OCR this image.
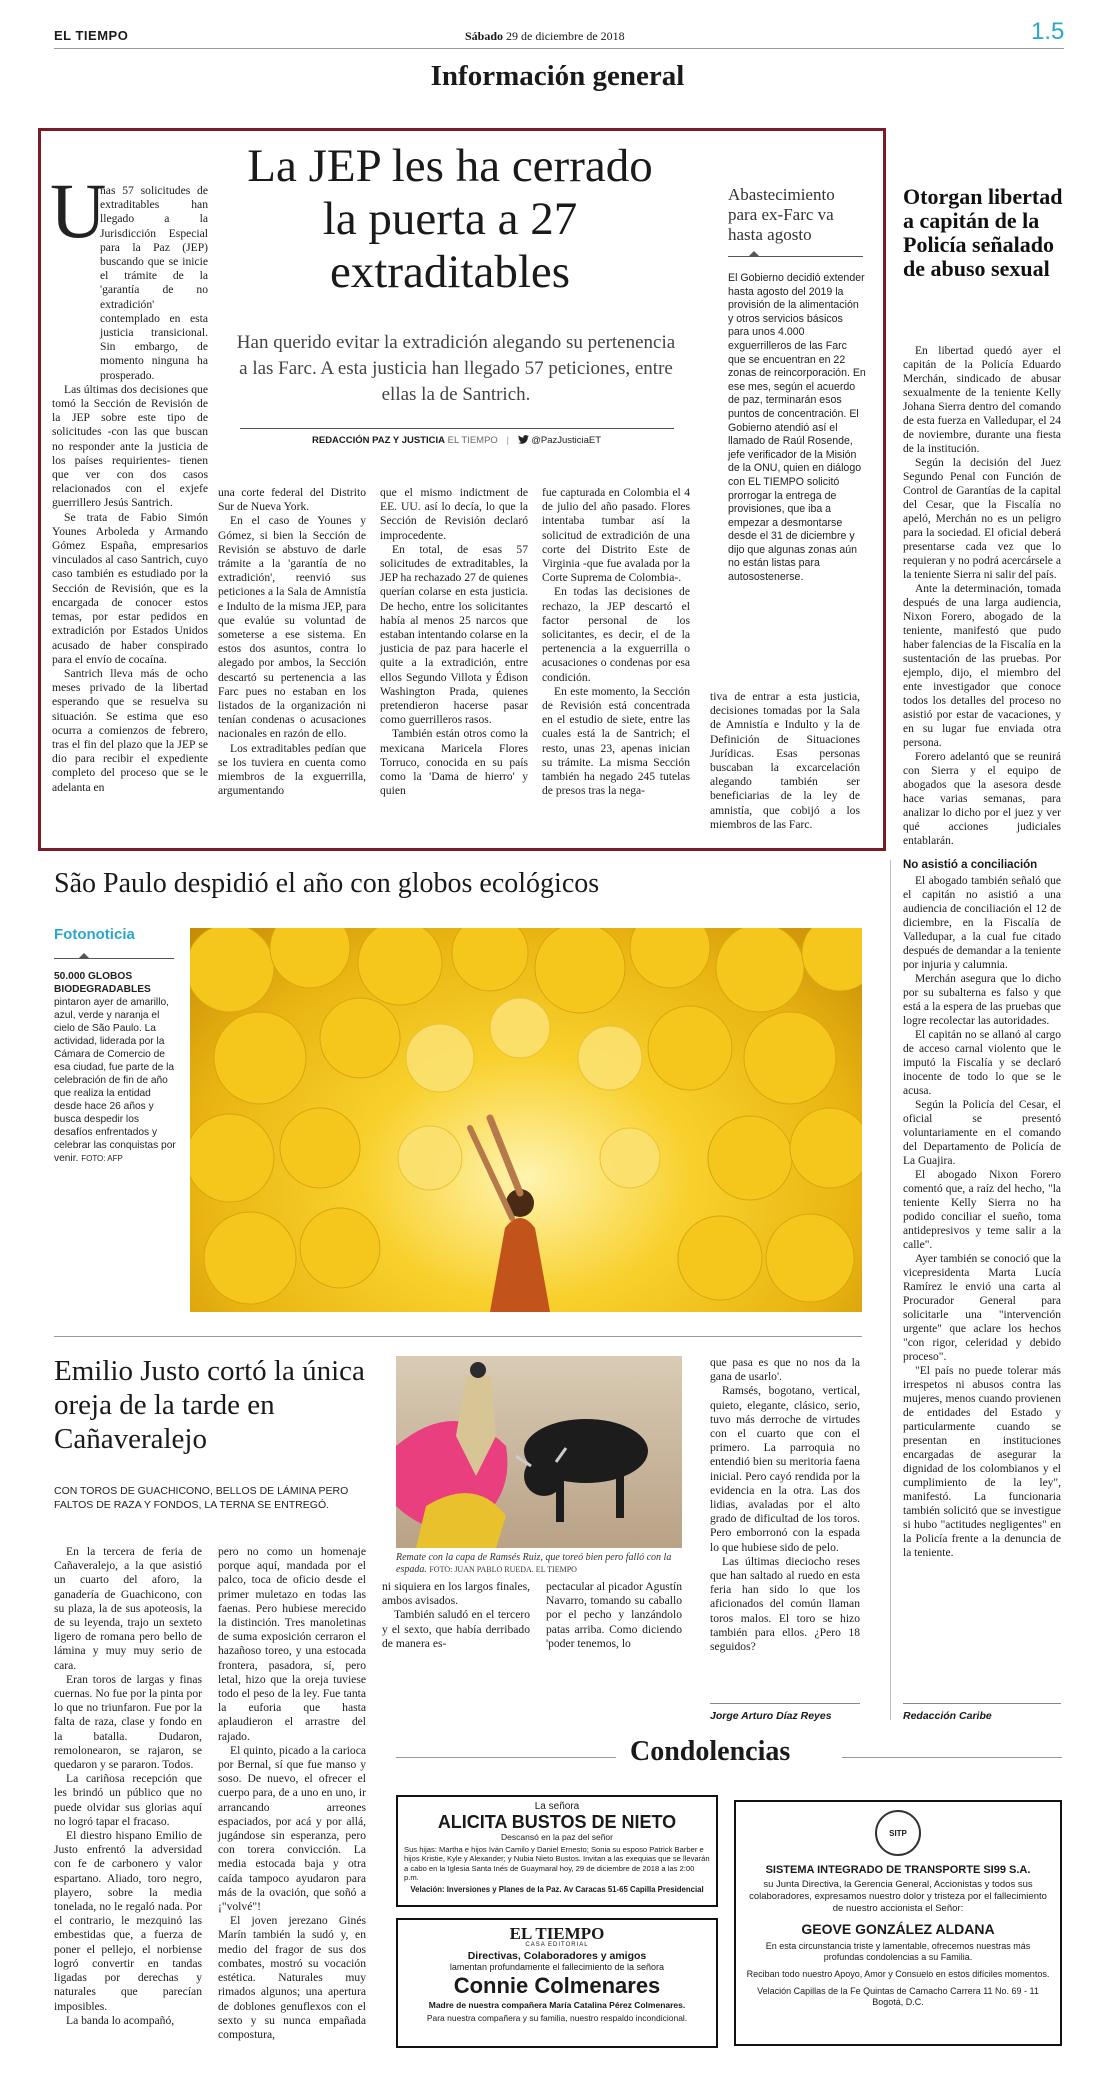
EL TIEMPO	Sábado 29 de diciembre de 2018	1.5
Información general
La JEP les ha cerrado la puerta a 27 extraditables
Han querido evitar la extradición alegando su pertenencia a las Farc. A esta justicia han llegado 57 peticiones, entre ellas la de Santrich.
REDACCIÓN PAZ Y JUSTICIA EL TIEMPO | @PazJusticiaET
U

nas 57 solicitudes de extraditables han llegado a la Jurisdicción Especial para la Paz (JEP) buscando que se inicie el trámite de la 'garantía de no extradición' contemplado en esta justicia transicional. Sin embargo, de momento ninguna ha prosperado.

Las últimas dos decisiones que tomó la Sección de Revisión de la JEP sobre este tipo de solicitudes -con las que buscan no responder ante la justicia de los países requirientes- tienen que ver con dos casos relacionados con el exjefe guerrillero Jesús Santrich.

Se trata de Fabio Simón Younes Arboleda y Armando Gómez España, empresarios vinculados al caso Santrich, cuyo caso también es estudiado por la Sección de Revisión, que es la encargada de conocer estos temas, por estar pedidos en extradición por Estados Unidos acusado de haber conspirado para el envío de cocaína.

Santrich lleva más de ocho meses privado de la libertad esperando que se resuelva su situación. Se estima que eso ocurra a comienzos de febrero, tras el fin del plazo que la JEP se dio para recibir el expediente completo del proceso que se le adelanta en

una corte federal del Distrito Sur de Nueva York.

En el caso de Younes y Gómez, si bien la Sección de Revisión se abstuvo de darle trámite a la 'garantía de no extradición', reenvió sus peticiones a la Sala de Amnistía e Indulto de la misma JEP, para que evalúe su voluntad de someterse a ese sistema. En estos dos asuntos, contra lo alegado por ambos, la Sección descartó su pertenencia a las Farc pues no estaban en los listados de la organización ni tenían condenas o acusaciones nacionales en razón de ello.

Los extraditables pedían que se los tuviera en cuenta como miembros de la exguerrilla, argumentando

que el mismo indictment de EE. UU. así lo decía, lo que la Sección de Revisión declaró improcedente.

En total, de esas 57 solicitudes de extraditables, la JEP ha rechazado 27 de quienes querían colarse en esta justicia. De hecho, entre los solicitantes había al menos 25 narcos que estaban intentando colarse en la justicia de paz para hacerle el quite a la extradición, entre ellos Segundo Villota y Édison Washington Prada, quienes pretendieron hacerse pasar como guerrilleros rasos.

También están otros como la mexicana Maricela Flores Torruco, conocida en su país como la 'Dama de hierro' y quien

fue capturada en Colombia el 4 de julio del año pasado. Flores intentaba tumbar así la solicitud de extradición de una corte del Distrito Este de Virginia -que fue avalada por la Corte Suprema de Colombia-.

En todas las decisiones de rechazo, la JEP descartó el factor personal de los solicitantes, es decir, el de la pertenencia a la exguerrilla o acusaciones o condenas por esa condición.

En este momento, la Sección de Revisión está concentrada en el estudio de siete, entre las cuales está la de Santrich; el resto, unas 23, apenas inician su trámite. La misma Sección también ha negado 245 tutelas de presos tras la nega-

tiva de entrar a esta justicia, decisiones tomadas por la Sala de Amnistía e Indulto y la de Definición de Situaciones Jurídicas. Esas personas buscaban la excarcelación alegando también ser beneficiarias de la ley de amnistía, que cobijó a los miembros de las Farc.

Abastecimiento para ex-Farc va hasta agosto
El Gobierno decidió extender hasta agosto del 2019 la provisión de la alimentación y otros servicios básicos para unos 4.000 exguerrilleros de las Farc que se encuentran en 22 zonas de reincorporación. En ese mes, según el acuerdo de paz, terminarán esos puntos de concentración. El Gobierno atendió así el llamado de Raúl Rosende, jefe verificador de la Misión de la ONU, quien en diálogo con EL TIEMPO solicitó prorrogar la entrega de provisiones, que iba a empezar a desmontarse desde el 31 de diciembre y dijo que algunas zonas aún no están listas para autosostenerse.
Otorgan libertad a capitán de la Policía señalado de abuso sexual

En libertad quedó ayer el capitán de la Policía Eduardo Merchán, sindicado de abusar sexualmente de la teniente Kelly Johana Sierra dentro del comando de esta fuerza en Valledupar, el 24 de noviembre, durante una fiesta de la institución.

Según la decisión del Juez Segundo Penal con Función de Control de Garantías de la capital del Cesar, que la Fiscalía no apeló, Merchán no es un peligro para la sociedad. El oficial deberá presentarse cada vez que lo requieran y no podrá acercársele a la teniente Sierra ni salir del país.

Ante la determinación, tomada después de una larga audiencia, Nixon Forero, abogado de la teniente, manifestó que pudo haber falencias de la Fiscalía en la sustentación de las pruebas. Por ejemplo, dijo, el miembro del ente investigador que conoce todos los detalles del proceso no asistió por estar de vacaciones, y en su lugar fue enviada otra persona.

Forero adelantó que se reunirá con Sierra y el equipo de abogados que la asesora desde hace varias semanas, para analizar lo dicho por el juez y ver qué acciones judiciales entablarán.

No asistió a conciliación

El abogado también señaló que el capitán no asistió a una audiencia de conciliación el 12 de diciembre, en la Fiscalía de Valledupar, a la cual fue citado después de demandar a la teniente por injuria y calumnia.

Merchán asegura que lo dicho por su subalterna es falso y que está a la espera de las pruebas que logre recolectar las autoridades.

El capitán no se allanó al cargo de acceso carnal violento que le imputó la Fiscalía y se declaró inocente de todo lo que se le acusa.

Según la Policía del Cesar, el oficial se presentó voluntariamente en el comando del Departamento de Policía de La Guajira.

El abogado Nixon Forero comentó que, a raíz del hecho, "la teniente Kelly Sierra no ha podido conciliar el sueño, toma antidepresivos y teme salir a la calle".

Ayer también se conoció que la vicepresidenta Marta Lucía Ramírez le envió una carta al Procurador General para solicitarle una "intervención urgente" que aclare los hechos "con rigor, celeridad y debido proceso".

"El país no puede tolerar más irrespetos ni abusos contra las mujeres, menos cuando provienen de entidades del Estado y particularmente cuando se presentan en instituciones encargadas de asegurar la dignidad de los colombianos y el cumplimiento de la ley", manifestó. La funcionaria también solicitó que se investigue si hubo "actitudes negligentes" en la Policía frente a la denuncia de la teniente.

Redacción Caribe
São Paulo despidió el año con globos ecológicos
Fotonoticia
50.000 GLOBOS BIODEGRADABLES pintaron ayer de amarillo, azul, verde y naranja el cielo de São Paulo. La actividad, liderada por la Cámara de Comercio de esa ciudad, fue parte de la celebración de fin de año que realiza la entidad desde hace 26 años y busca despedir los desafíos enfrentados y celebrar las conquistas por venir. FOTO: AFP
Emilio Justo cortó la única oreja de la tarde en Cañaveralejo
CON TOROS DE GUACHICONO, BELLOS DE LÁMINA PERO FALTOS DE RAZA Y FONDOS, LA TERNA SE ENTREGÓ.

En la tercera de feria de Cañaveralejo, a la que asistió un cuarto del aforo, la ganadería de Guachicono, con su plaza, la de sus apoteosis, la de su leyenda, trajo un sexteto ligero de romana pero bello de lámina y muy muy serio de cara.

Eran toros de largas y finas cuernas. No fue por la pinta por lo que no triunfaron. Fue por la falta de raza, clase y fondo en la batalla. Dudaron, remolonearon, se rajaron, se quedaron y se pararon. Todos.

La cariñosa recepción que les brindó un público que no puede olvidar sus glorias aquí no logró tapar el fracaso.

El diestro hispano Emilio de Justo enfrentó la adversidad con fe de carbonero y valor espartano. Aliado, toro negro, playero, sobre la media tonelada, no le regaló nada. Por el contrario, le mezquinó las embestidas que, a fuerza de poner el pellejo, el norbiense logró convertir en tandas ligadas por derechas y naturales que parecían imposibles.

La banda lo acompañó,

pero no como un homenaje porque aquí, mandada por el palco, toca de oficio desde el primer muletazo en todas las faenas. Pero hubiese merecido la distinción. Tres manoletinas de suma exposición cerraron el hazañoso toreo, y una estocada frontera, pasadora, sí, pero letal, hizo que la oreja tuviese todo el peso de la ley. Fue tanta la euforia que hasta aplaudieron el arrastre del rajado.

El quinto, picado a la carioca por Bernal, sí que fue manso y soso. De nuevo, el ofrecer el cuerpo para, de a uno en uno, ir arrancando arreones espaciados, por acá y por allá, jugándose sin esperanza, pero con torera convicción. La media estocada baja y otra caída tampoco ayudaron para más de la ovación, que soñó a ¡"volvé"!

El joven jerezano Ginés Marín también la sudó y, en medio del fragor de sus dos combates, mostró su vocación estética. Naturales muy rimados algunos; una apertura de doblones genuflexos con el sexto y su nunca empañada compostura,

Remate con la capa de Ramsés Ruiz, que toreó bien pero falló con la espada. FOTO: JUAN PABLO RUEDA. EL TIEMPO

ni siquiera en los largos finales, ambos avisados.

También saludó en el tercero y el sexto, que había derribado de manera es-

pectacular al picador Agustín Navarro, tomando su caballo por el pecho y lanzándolo patas arriba. Como diciendo 'poder tenemos, lo

que pasa es que no nos da la gana de usarlo'.

Ramsés, bogotano, vertical, quieto, elegante, clásico, serio, tuvo más derroche de virtudes con el cuarto que con el primero. La parroquia no entendió bien su meritoria faena inicial. Pero cayó rendida por la evidencia en la otra. Las dos lidias, avaladas por el alto grado de dificultad de los toros. Pero emborronó con la espada lo que hubiese sido de pelo.

Las últimas dieciocho reses que han saltado al ruedo en esta feria han sido lo que los aficionados del común llaman toros malos. El toro se hizo también para ellos. ¿Pero 18 seguidos?

Jorge Arturo Díaz Reyes
Condolencias

La señora

ALICITA BUSTOS DE NIETO

Descansó en la paz del señor

Sus hijas: Martha e hijos Iván Camilo y Daniel Ernesto; Sonia su esposo Patrick Barber e hijos Kristie, Kyle y Alexander; y Nubia Nieto Bustos. Invitan a las exequias que se llevarán a cabo en la Iglesia Santa Inés de Guaymaral hoy, 29 de diciembre de 2018 a las 2:00 p.m.

Velación: Inversiones y Planes de la Paz. Av Caracas 51-65 Capilla Presidencial

EL TIEMPO

CASA EDITORIAL

Directivas, Colaboradores y amigos

lamentan profundamente el fallecimiento de la señora

Connie Colmenares

Madre de nuestra compañera María Catalina Pérez Colmenares.

Para nuestra compañera y su familia, nuestro respaldo incondicional.

SITP

SISTEMA INTEGRADO DE TRANSPORTE SI99 S.A.

su Junta Directiva, la Gerencia General, Accionistas y todos sus colaboradores, expresamos nuestro dolor y tristeza por el fallecimiento de nuestro accionista el Señor:

GEOVE GONZÁLEZ ALDANA

En esta circunstancia triste y lamentable, ofrecemos nuestras más profundas condolencias a su Familia.

Reciban todo nuestro Apoyo, Amor y Consuelo en estos difíciles momentos.

Velación Capillas de la Fe Quintas de Camacho Carrera 11 No. 69 - 11 Bogotá, D.C.
